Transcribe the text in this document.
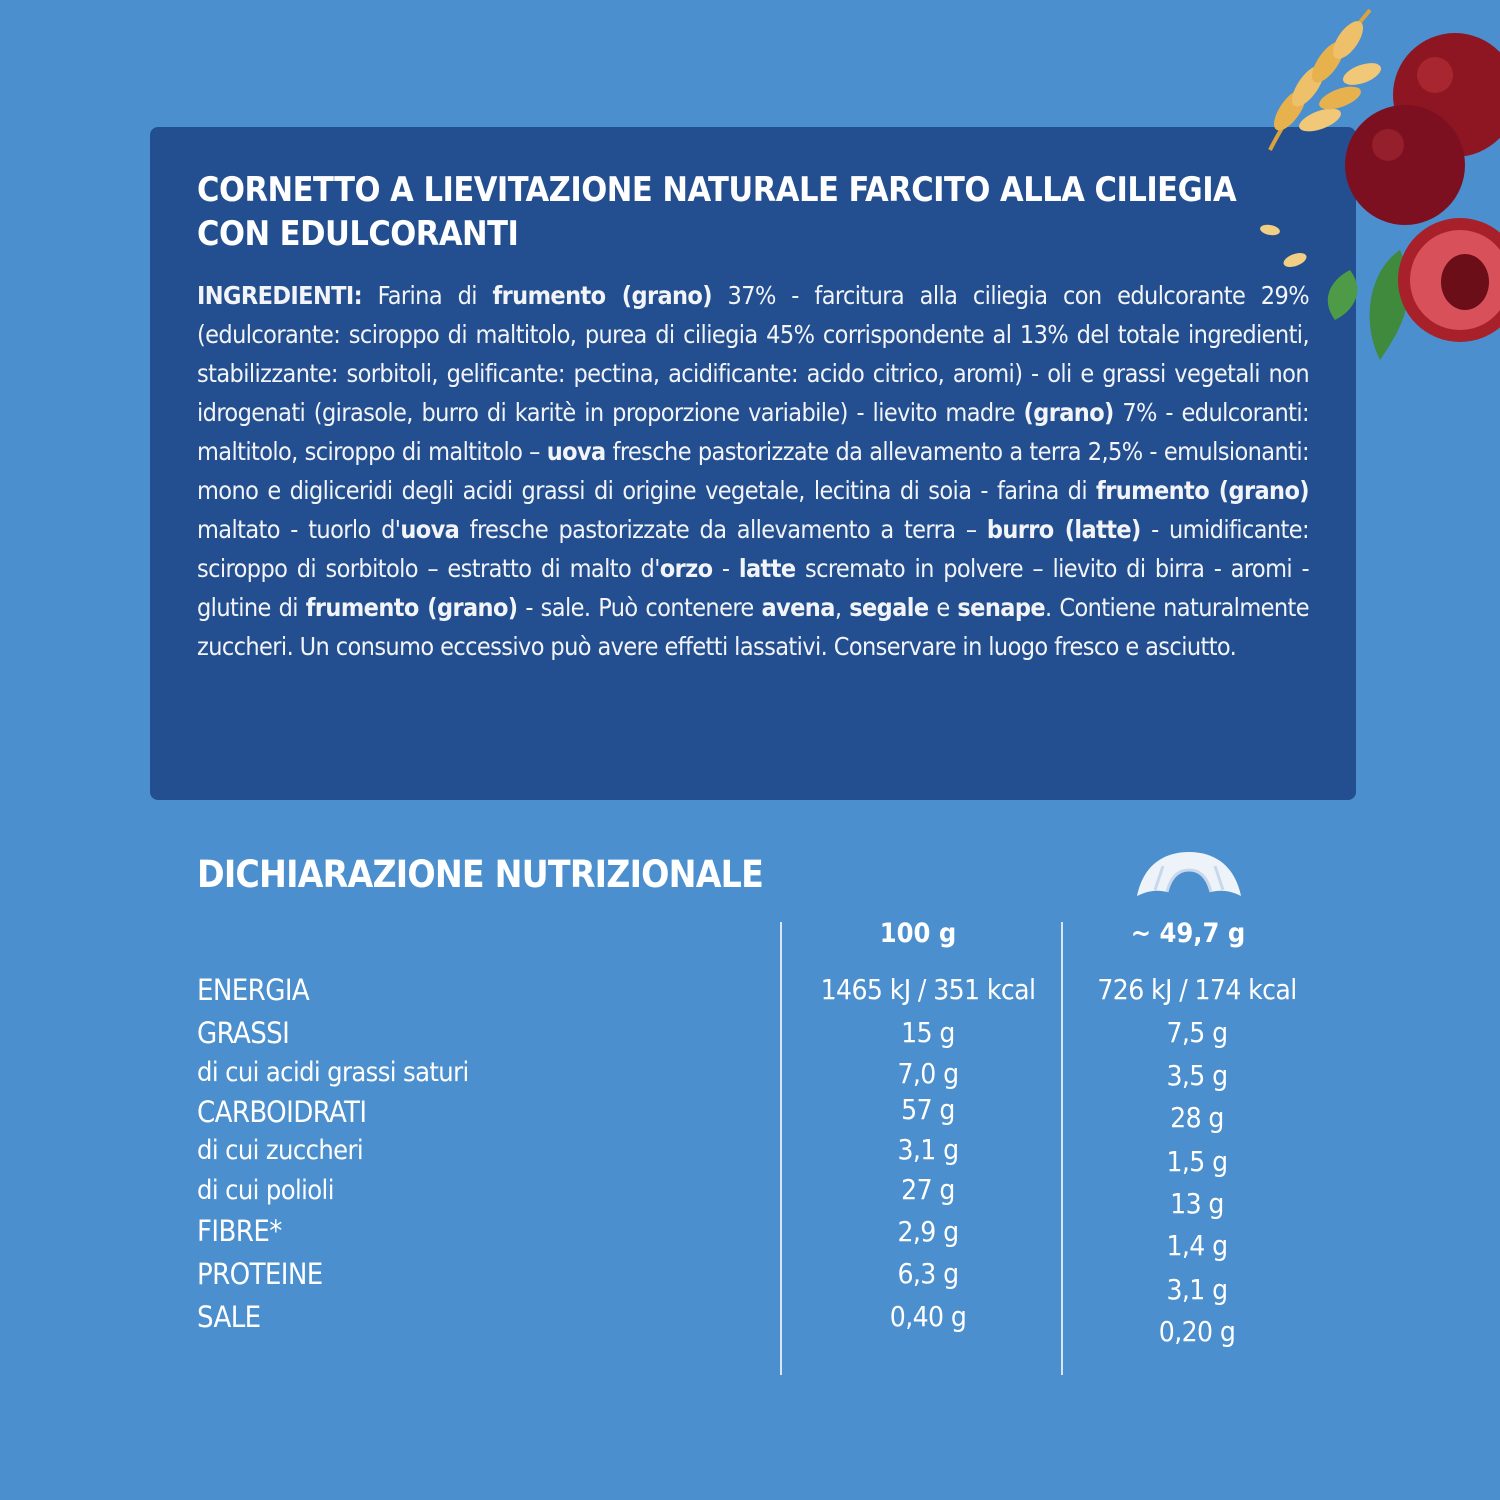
CORNETTO A LIEVITAZIONE NATURALE FARCITO ALLA CILIEGIA CON EDULCORANTI

INGREDIENTI: Farina di frumento (grano) 37% - farcitura alla ciliegia con edulcorante 29% (edulcorante: sciroppo di maltitolo, purea di ciliegia 45% corrispondente al 13% del totale ingredienti, stabilizzante: sorbitoli, gelificante: pectina, acidificante: acido citrico, aromi) - oli e grassi vegetali non idrogenati (girasole, burro di karitè in proporzione variabile) - lievito madre (grano) 7% - edulcoranti: maltitolo, sciroppo di maltitolo – uova fresche pastorizzate da allevamento a terra 2,5% - emulsionanti: mono e digliceridi degli acidi grassi di origine vegetale, lecitina di soia - farina di frumento (grano) maltato - tuorlo d'uova fresche pastorizzate da allevamento a terra – burro (latte) - umidificante: sciroppo di sorbitolo – estratto di malto d'orzo - latte scremato in polvere – lievito di birra - aromi - glutine di frumento (grano) - sale. Può contenere avena, segale e senape. Contiene naturalmente zuccheri. Un consumo eccessivo può avere effetti lassativi. Conservare in luogo fresco e asciutto.

DICHIARAZIONE NUTRIZIONALE
100 g	~ 49,7 g
ENERGIA	1465 kJ / 351 kcal	726 kJ / 174 kcal
GRASSI	15 g	7,5 g
di cui acidi grassi saturi	7,0 g	3,5 g
CARBOIDRATI	57 g	28 g
di cui zuccheri	3,1 g	1,5 g
di cui polioli	27 g	13 g
FIBRE*	2,9 g	1,4 g
PROTEINE	6,3 g	3,1 g
SALE	0,40 g	0,20 g
